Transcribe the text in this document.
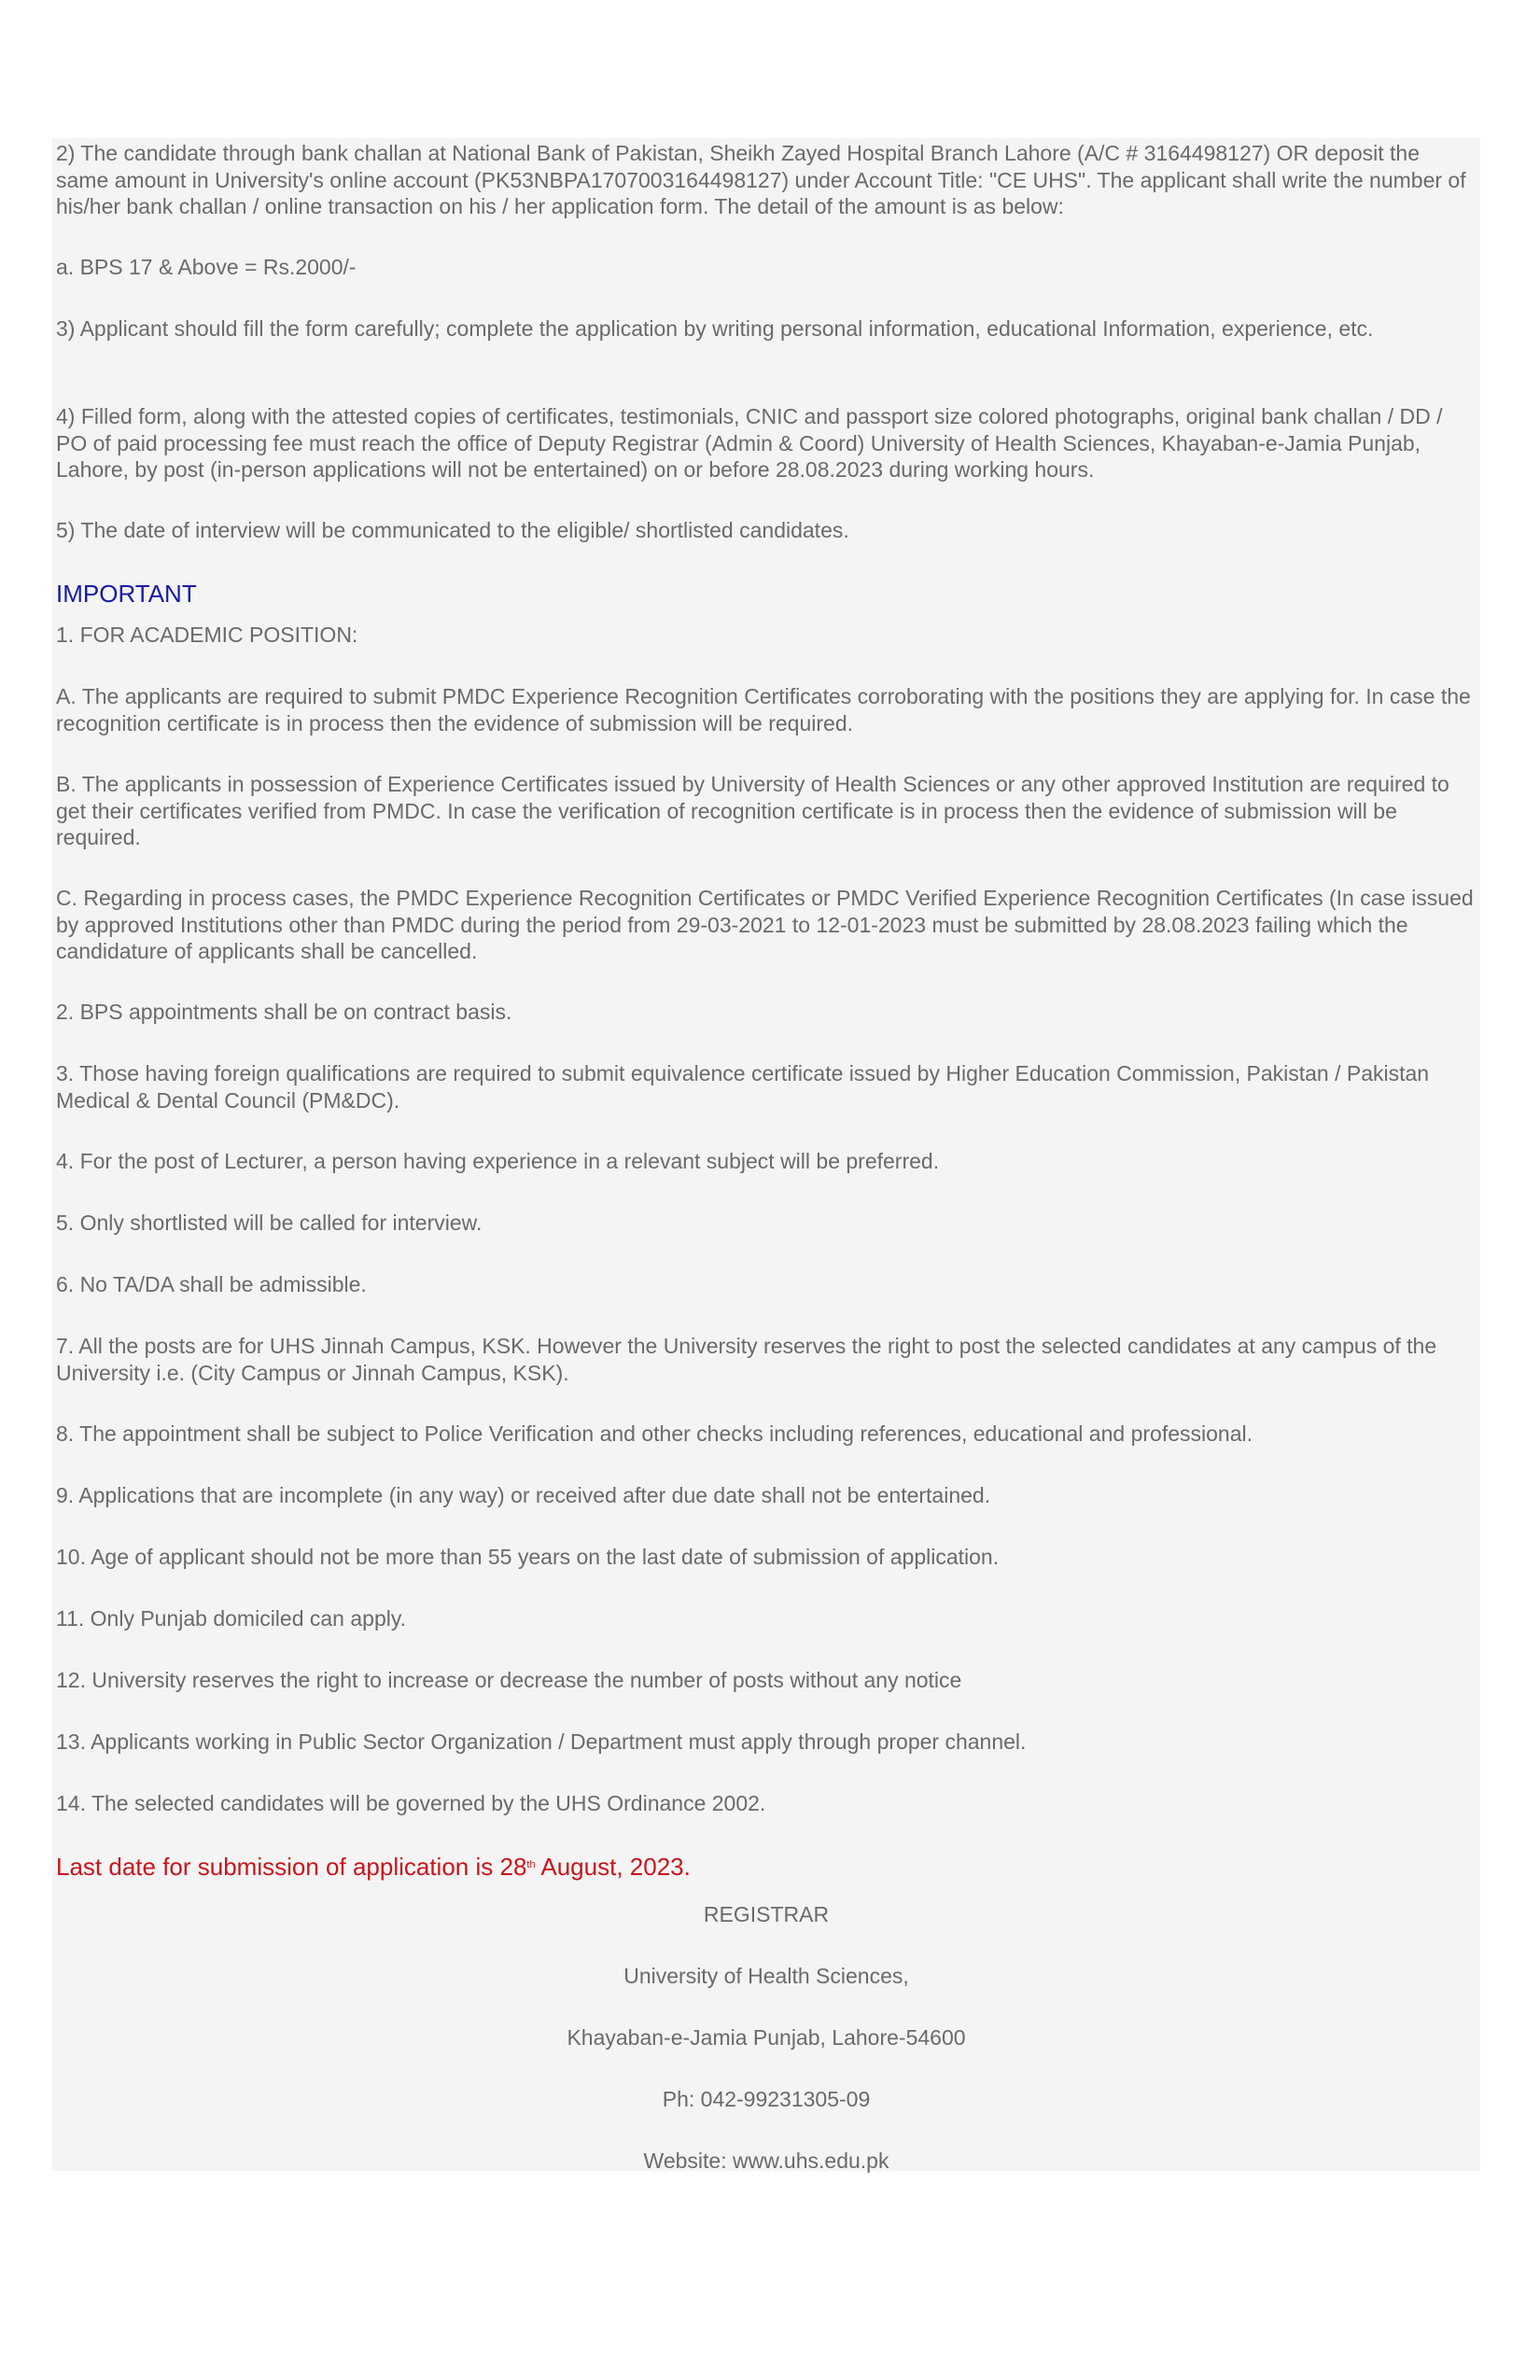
2) The candidate through bank challan at National Bank of Pakistan, Sheikh Zayed Hospital Branch Lahore (A/C # 3164498127) OR deposit the same amount in University's online account (PK53NBPA1707003164498127) under Account Title: "CE UHS". The applicant shall write the number of his/her bank challan / online transaction on his / her application form. The detail of the amount is as below:

a. BPS 17 & Above = Rs.2000/-

3) Applicant should fill the form carefully; complete the application by writing personal information, educational Information, experience, etc.

4) Filled form, along with the attested copies of certificates, testimonials, CNIC and passport size colored photographs, original bank challan / DD / PO of paid processing fee must reach the office of Deputy Registrar (Admin & Coord) University of Health Sciences, Khayaban-e-Jamia Punjab, Lahore, by post (in-person applications will not be entertained) on or before 28.08.2023 during working hours.

5) The date of interview will be communicated to the eligible/ shortlisted candidates.

IMPORTANT

1. FOR ACADEMIC POSITION:

A. The applicants are required to submit PMDC Experience Recognition Certificates corroborating with the positions they are applying for. In case the recognition certificate is in process then the evidence of submission will be required.

B. The applicants in possession of Experience Certificates issued by University of Health Sciences or any other approved Institution are required to get their certificates verified from PMDC. In case the verification of recognition certificate is in process then the evidence of submission will be required.

C. Regarding in process cases, the PMDC Experience Recognition Certificates or PMDC Verified Experience Recognition Certificates (In case issued by approved Institutions other than PMDC during the period from 29-03-2021 to 12-01-2023 must be submitted by 28.08.2023 failing which the candidature of applicants shall be cancelled.

2. BPS appointments shall be on contract basis.

3. Those having foreign qualifications are required to submit equivalence certificate issued by Higher Education Commission, Pakistan / Pakistan Medical & Dental Council (PM&DC).

4. For the post of Lecturer, a person having experience in a relevant subject will be preferred.

5. Only shortlisted will be called for interview.

6. No TA/DA shall be admissible.

7. All the posts are for UHS Jinnah Campus, KSK. However the University reserves the right to post the selected candidates at any campus of the University i.e. (City Campus or Jinnah Campus, KSK).

8. The appointment shall be subject to Police Verification and other checks including references, educational and professional.

9. Applications that are incomplete (in any way) or received after due date shall not be entertained.

10. Age of applicant should not be more than 55 years on the last date of submission of application.

11. Only Punjab domiciled can apply.

12. University reserves the right to increase or decrease the number of posts without any notice

13. Applicants working in Public Sector Organization / Department must apply through proper channel.

14. The selected candidates will be governed by the UHS Ordinance 2002.

Last date for submission of application is 28th August, 2023.

REGISTRAR

University of Health Sciences,

Khayaban-e-Jamia Punjab, Lahore-54600

Ph: 042-99231305-09

Website: www.uhs.edu.pk
